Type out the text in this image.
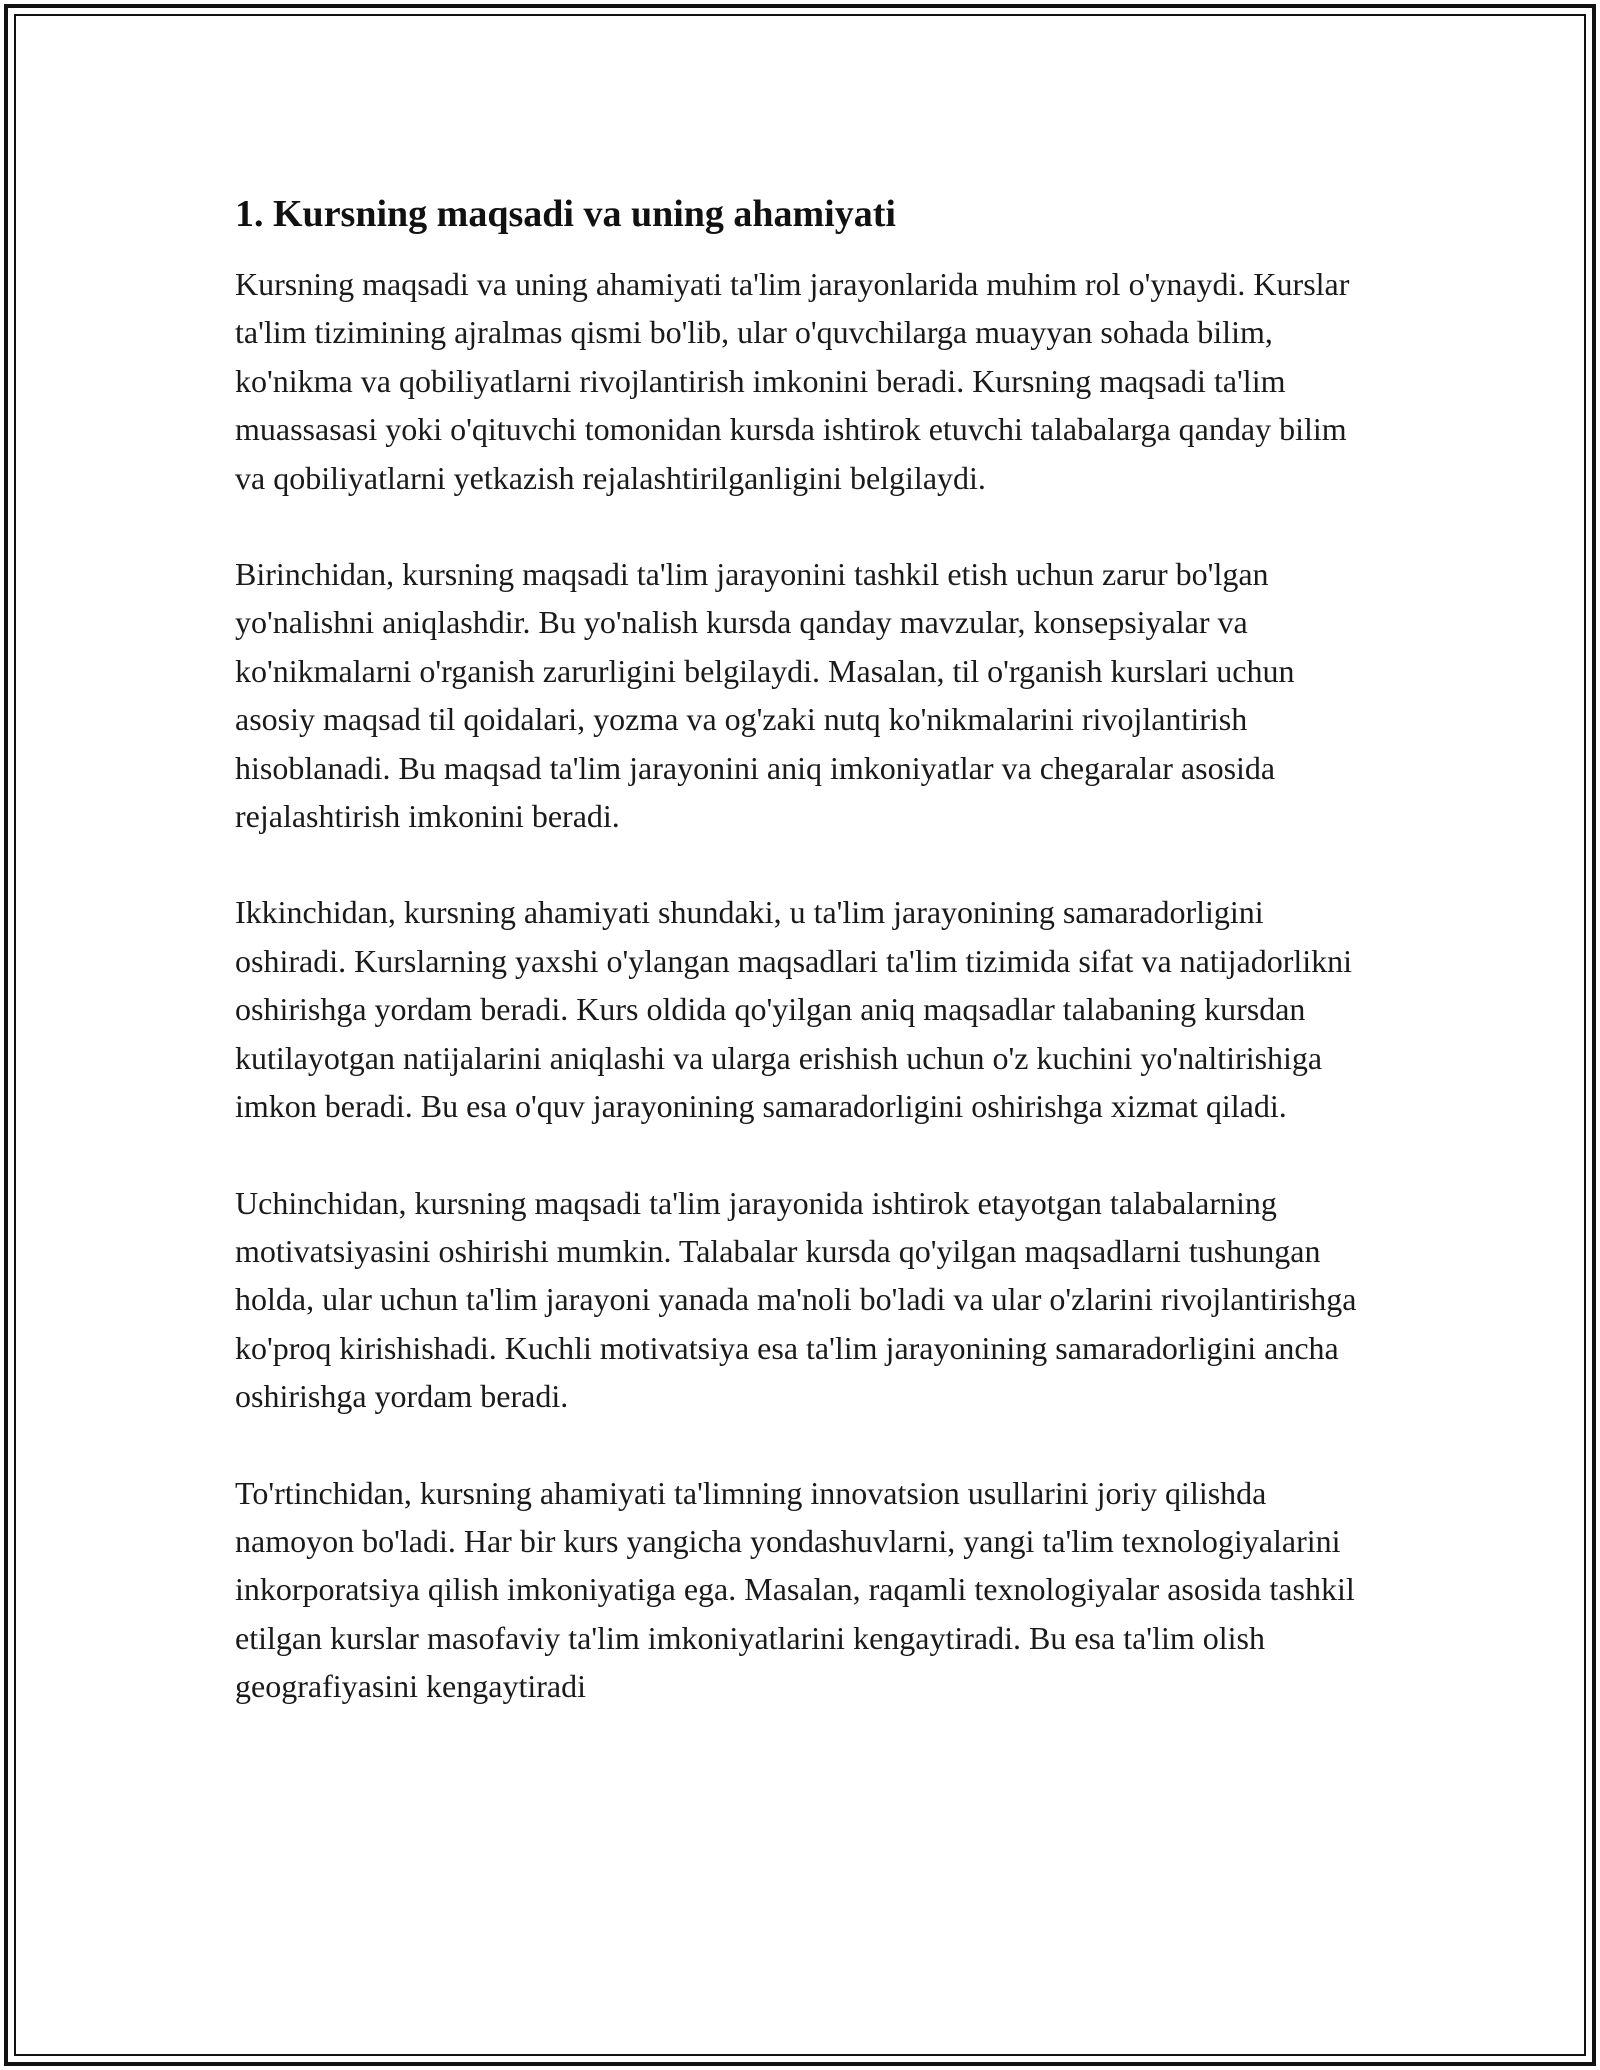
1. Kursning maqsadi va uning ahamiyati

Kursning maqsadi va uning ahamiyati ta'lim jarayonlarida muhim rol o'ynaydi. Kurslar ta'lim tizimining ajralmas qismi bo'lib, ular o'quvchilarga muayyan sohada bilim, ko'nikma va qobiliyatlarni rivojlantirish imkonini beradi. Kursning maqsadi ta'lim muassasasi yoki o'qituvchi tomonidan kursda ishtirok etuvchi talabalarga qanday bilim va qobiliyatlarni yetkazish rejalashtirilganligini belgilaydi.

Birinchidan, kursning maqsadi ta'lim jarayonini tashkil etish uchun zarur bo'lgan yo'nalishni aniqlashdir. Bu yo'nalish kursda qanday mavzular, konsepsiyalar va ko'nikmalarni o'rganish zarurligini belgilaydi. Masalan, til o'rganish kurslari uchun asosiy maqsad til qoidalari, yozma va og'zaki nutq ko'nikmalarini rivojlantirish hisoblanadi. Bu maqsad ta'lim jarayonini aniq imkoniyatlar va chegaralar asosida rejalashtirish imkonini beradi.

Ikkinchidan, kursning ahamiyati shundaki, u ta'lim jarayonining samaradorligini oshiradi. Kurslarning yaxshi o'ylangan maqsadlari ta'lim tizimida sifat va natijadorlikni oshirishga yordam beradi. Kurs oldida qo'yilgan aniq maqsadlar talabaning kursdan kutilayotgan natijalarini aniqlashi va ularga erishish uchun o'z kuchini yo'naltirishiga imkon beradi. Bu esa o'quv jarayonining samaradorligini oshirishga xizmat qiladi.

Uchinchidan, kursning maqsadi ta'lim jarayonida ishtirok etayotgan talabalarning motivatsiyasini oshirishi mumkin. Talabalar kursda qo'yilgan maqsadlarni tushungan holda, ular uchun ta'lim jarayoni yanada ma'noli bo'ladi va ular o'zlarini rivojlantirishga ko'proq kirishishadi. Kuchli motivatsiya esa ta'lim jarayonining samaradorligini ancha oshirishga yordam beradi.

To'rtinchidan, kursning ahamiyati ta'limning innovatsion usullarini joriy qilishda namoyon bo'ladi. Har bir kurs yangicha yondashuvlarni, yangi ta'lim texnologiyalarini inkorporatsiya qilish imkoniyatiga ega. Masalan, raqamli texnologiyalar asosida tashkil etilgan kurslar masofaviy ta'lim imkoniyatlarini kengaytiradi. Bu esa ta'lim olish geografiyasini kengaytiradi
